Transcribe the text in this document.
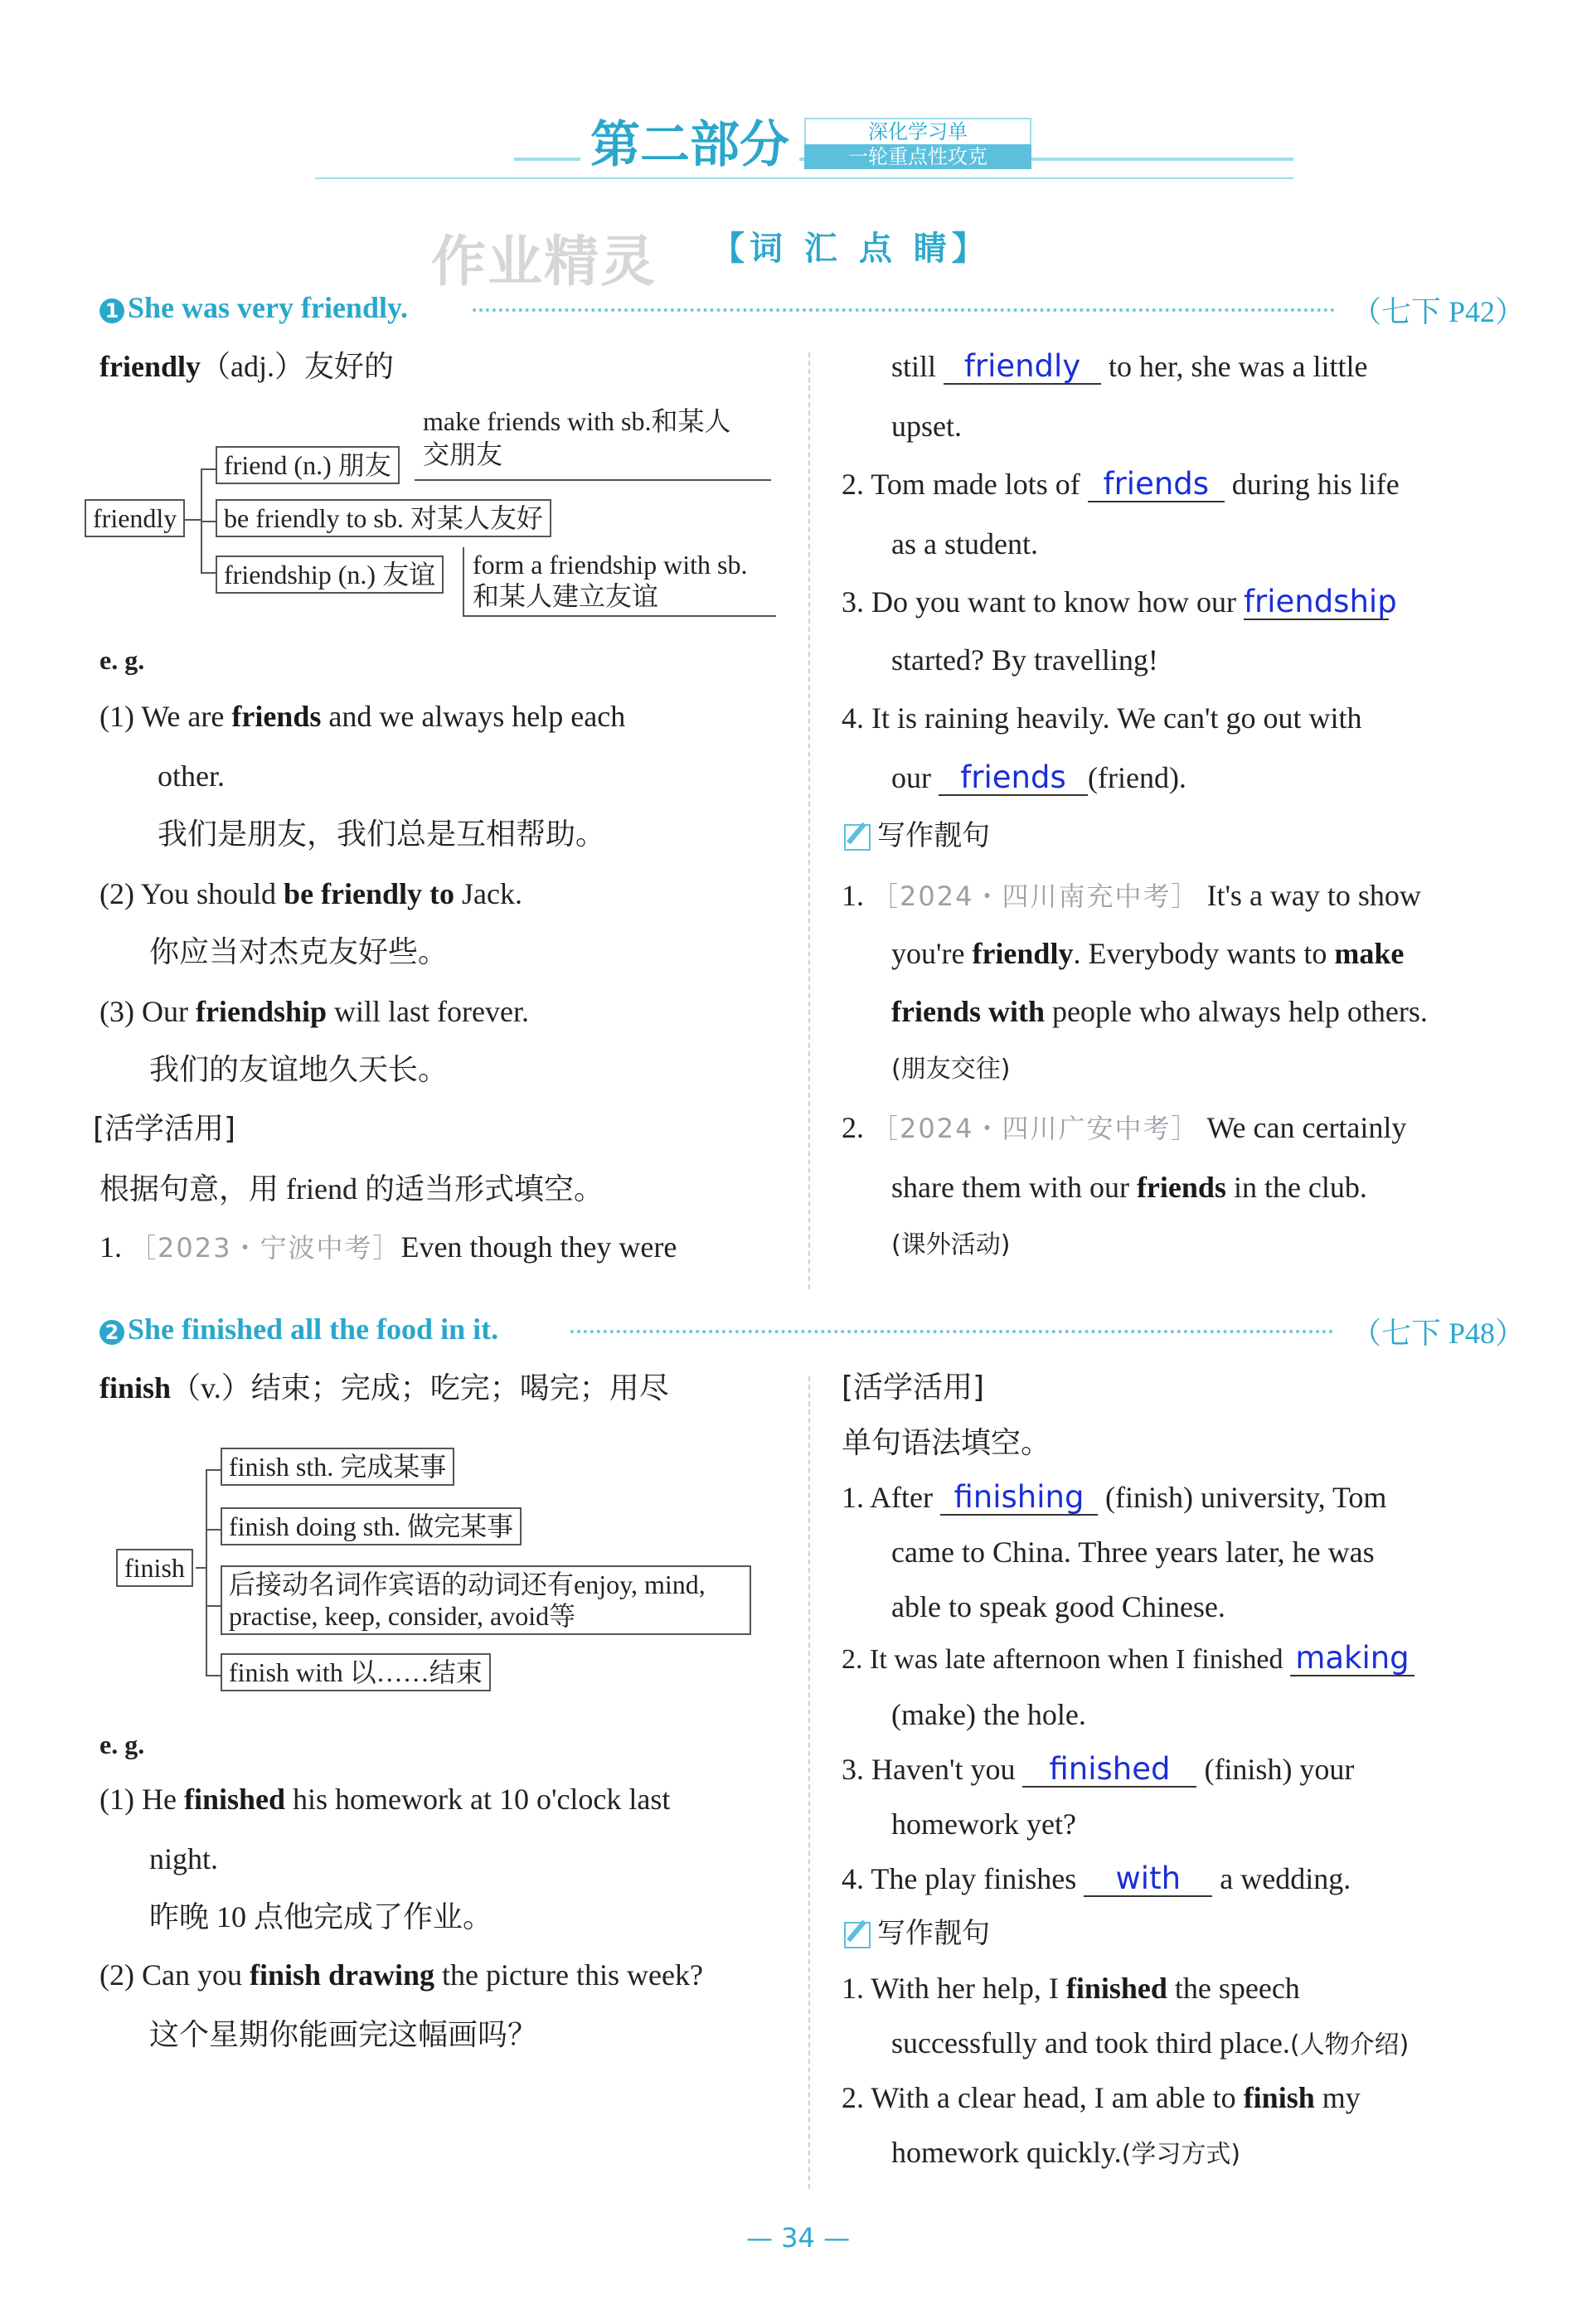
第二部分	深化学习单
一轮重点性攻克
作业精灵 【词 汇 点 睛】
1 She was very friendly.	（七下 P42）
friendly（adj.）友好的
friendly
friend (n.) 朋友
make friends with sb.和某人
交朋友
be friendly to sb. 对某人友好
friendship (n.) 友谊	form a friendship with sb.
和某人建立友谊
e. g.
(1) We are friends and we always help each
other.
我们是朋友，我们总是互相帮助。
(2) You should be friendly to Jack.
你应当对杰克友好些。
(3) Our friendship will last forever.
我们的友谊地久天长。
[活学活用]
根据句意，用 friend 的适当形式填空。
1. ［2023・宁波中考］Even though they were
still friendly to her, she was a little
upset.
2. Tom made lots of friends during his life
as a student.
3. Do you want to know how our friendship
started? By travelling!
4. It is raining heavily. We can't go out with
our friends (friend).
写作靓句
1. ［2024・四川南充中考］ It's a way to show
you're friendly. Everybody wants to make
friends with people who always help others.
(朋友交往)
2. ［2024・四川广安中考］ We can certainly
share them with our friends in the club.
(课外活动)
2 She finished all the food in it.	（七下 P48）
finish（v.）结束；完成；吃完；喝完；用尽
finish
finish sth. 完成某事
finish doing sth. 做完某事
后接动名词作宾语的动词还有enjoy, mind,
practise, keep, consider, avoid等
finish with 以……结束
e. g.
(1) He finished his homework at 10 o'clock last
night.
昨晚 10 点他完成了作业。
(2) Can you finish drawing the picture this week?
这个星期你能画完这幅画吗？
[活学活用]
单句语法填空。
1. After finishing (finish) university, Tom
came to China. Three years later, he was
able to speak good Chinese.
2. It was late afternoon when I finished making
(make) the hole.
3. Haven't you finished (finish) your
homework yet?
4. The play finishes with a wedding.
写作靓句
1. With her help, I finished the speech
successfully and took third place.(人物介绍)
2. With a clear head, I am able to finish my
homework quickly.(学习方式)
— 34 —
